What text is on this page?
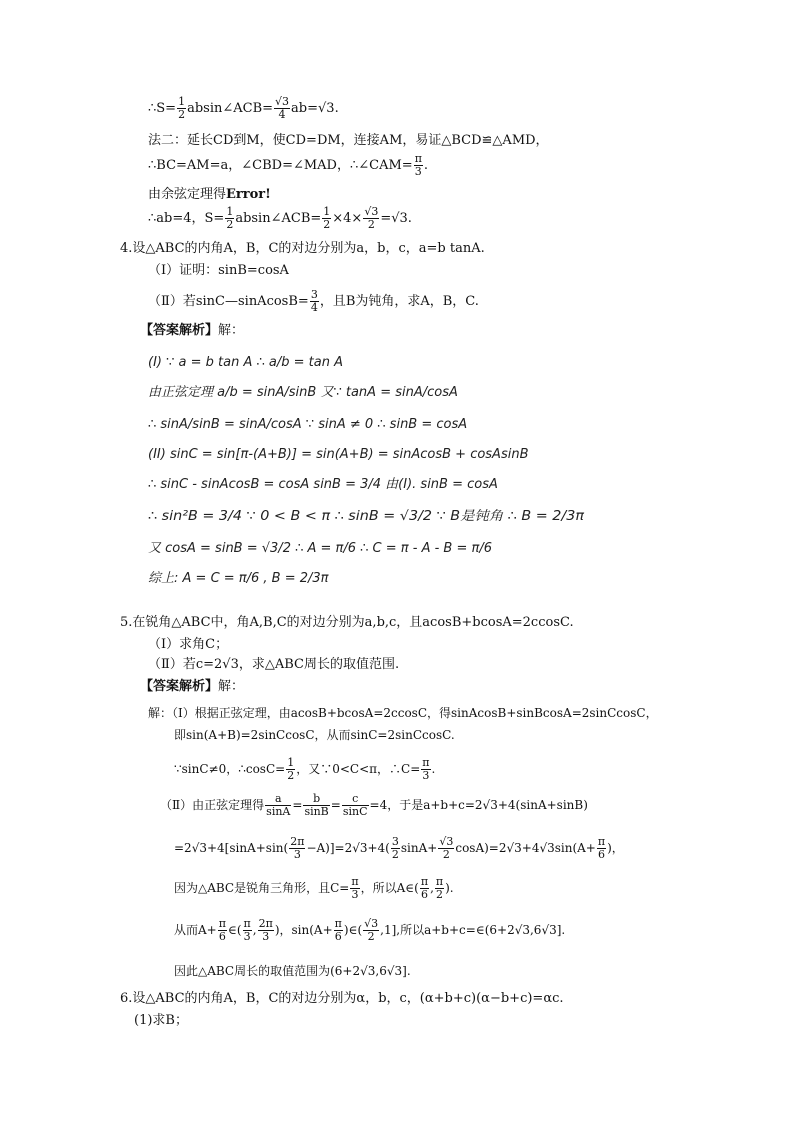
∴S= $\frac{1}{2}$ absin∠ACB= $\frac{√3}{4} ab=√3$.
法二：延长CD到M，使CD=DM，连接AM，易证△BCD≌△AMD，
∴BC=AM=a，∠CBD=∠MAD，∴∠CAM= $\frac{\pi}{3}$ .
由余弦定理得Error!
∴ab=4，$S= \frac{1}{2}$ absin∠ACB= $\frac{1}{2} \times 4\times \frac{√3}{2} =√3$.
4.设△ABC的内角A，B，C的对边分别为a，b，c，a=b tanA.
（Ⅰ）证明：sinB=cosA
（Ⅱ）若sinC—sinAcosB= $\frac{3}{4}$ ，且B为钝角，求A，B，C.
【答案解析】解：
(I) ∵ a = b tan A ∴ a/b = tan A
由正弦定理 a/b = sinA/sinB 又∵ tanA = sinA/cosA
∴ sinA/sinB = sinA/cosA ∵ sinA ≠ 0 ∴ sinB = cosA
(II) sinC = sin[π-(A+B)] = sin(A+B) = sinAcosB + cosAsinB
∴ sinC - sinAcosB = cosA sinB = 3/4 由(I). sinB = cosA
∴ sin²B = 3/4 ∵ 0 < B < π ∴ sinB = √3/2 ∵ B是钝角 ∴ B = 2/3π
又 cosA = sinB = √3/2 ∴ A = π/6 ∴ C = π - A - B = π/6
综上: A = C = π/6 , B = 2/3π
5.在锐角△ABC中，角A,B,C的对边分别为a,b,c，且acosB+bcosA=2ccosC.
（Ⅰ）求角C；
（Ⅱ）若c=2√3，求△ABC周长的取值范围.
【答案解析】解：
解：（Ⅰ）根据正弦定理，由acosB+bcosA=2ccosC，得sinAcosB+sinBcosA=2sinCcosC，
即sin(A+B)=2sinCcosC，从而sinC=2sinCcosC.
∵sinC≠0，∴cosC= $\frac{1}{2}$ ，又∵0<C<π，∴C= $\frac{\pi}{3}$ .
（Ⅱ）由正弦定理得 $\frac{a}{\sin A} = \frac{b}{\sin B} = \frac{c}{\sin C} =4$，于是a+b+c=2√3+4(sinA+sinB)
$=2√3+4[\sin A+\sin( \frac{2\pi}{3} -A)]=2√3+4( \frac{3}{2} \sin A+ \frac{√3}{2} \cos A)=2√3+4√3\sin(A+ \frac{\pi}{6}$ )，
因为△ABC是锐角三角形，且$C= \frac{\pi}{3}$ ，所以A∈( $\frac{\pi}{6}$ , $\frac{\pi}{2}$ ).
从而$A+ \frac{\pi}{6}$ ∈( $\frac{\pi}{3}$ , $\frac{2\pi}{3}$ )，$\sin(A+ \frac{\pi}{6}$ )∈( $\frac{√3}{2} ,1$],所以a+b+c=∈(6+2√3,6√3].
因此△ABC周长的取值范围为(6+2√3,6√3].
6.设△ABC的内角A，B，C的对边分别为α，b，c，(α+b+c)(α−b+c)=αc.
(1)求B；
